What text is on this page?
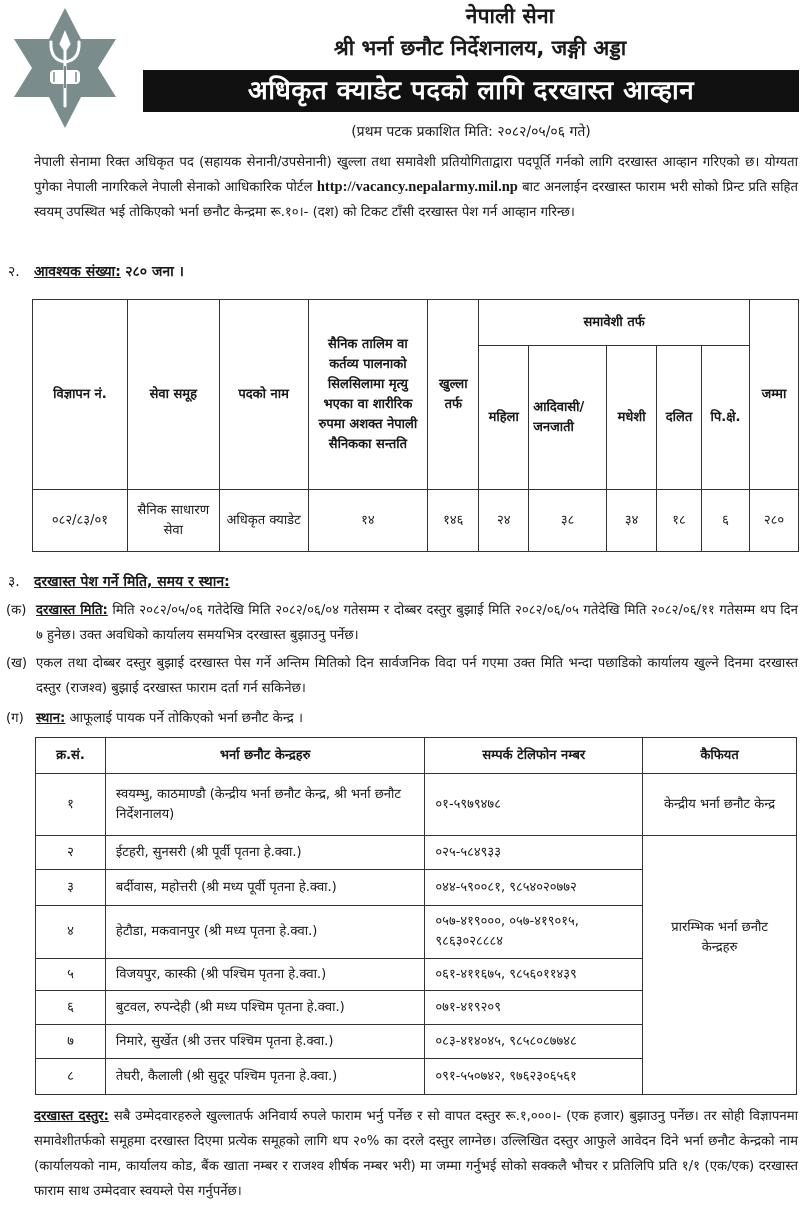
नेपाली सेना
श्री भर्ना छनौट निर्देशनालय, जङ्गी अड्डा
अधिकृत क्याडेट पदको लागि दरखास्त आव्हान
(प्रथम पटक प्रकाशित मिति: २०८२/०५/०६ गते)
नेपाली सेनामा रिक्त अधिकृत पद (सहायक सेनानी/उपसेनानी) खुल्ला तथा समावेशी प्रतियोगिताद्वारा पदपूर्ति गर्नको लागि दरखास्त आव्हान गरिएको छ। योग्यता पुगेका नेपाली नागरिकले नेपाली सेनाको आधिकारिक पोर्टल http://vacancy.nepalarmy.mil.np बाट अनलाईन दरखास्त फाराम भरी सोको प्रिन्ट प्रति सहित स्वयम् उपस्थित भई तोकिएको भर्ना छनौट केन्द्रमा रू.१०।- (दश) को टिकट टाँसी दरखास्त पेश गर्न आव्हान गरिन्छ।
२. आवश्यक संख्या: २८० जना ।
विज्ञापन नं.	सेवा समूह	पदको नाम	सैनिक तालिम वा कर्तव्य पालनाको सिलसिलामा मृत्यु भएका वा शारीरिक रुपमा अशक्त नेपाली सैनिकका सन्तति	खुल्ला तर्फ	समावेशी तर्फ					जम्मा
					महिला	आदिवासी/ जनजाती	मधेशी	दलित	पि.क्षे.	
०८२/८३/०१	सैनिक साधारण सेवा	अधिकृत क्याडेट	१४	१४६	२४	३८	३४	१८	६	२८०
३. दरखास्त पेश गर्ने मिति, समय र स्थान:
(क) दरखास्त मिति: मिति २०८२/०५/०६ गतेदेखि मिति २०८२/०६/०४ गतेसम्म र दोब्बर दस्तुर बुझाई मिति २०८२/०६/०५ गतेदेखि मिति २०८२/०६/११ गतेसम्म थप दिन ७ हुनेछ। उक्त अवधिको कार्यालय समयभित्र दरखास्त बुझाउनु पर्नेछ।
(ख) एकल तथा दोब्बर दस्तुर बुझाई दरखास्त पेस गर्ने अन्तिम मितिको दिन सार्वजनिक विदा पर्न गएमा उक्त मिति भन्दा पछाडिको कार्यालय खुल्ने दिनमा दरखास्त दस्तुर (राजश्व) बुझाई दरखास्त फाराम दर्ता गर्न सकिनेछ।
(ग) स्थान: आफूलाई पायक पर्ने तोकिएको भर्ना छनौट केन्द्र ।
क्र.सं.	भर्ना छनौट केन्द्रहरु	सम्पर्क टेलिफोन नम्बर	कैफियत
१	स्वयम्भु, काठमाण्डौ (केन्द्रीय भर्ना छनौट केन्द्र, श्री भर्ना छनौट निर्देशनालय)	०१-५९७९४७८	केन्द्रीय भर्ना छनौट केन्द्र
२	ईटहरी, सुनसरी (श्री पूर्वी पृतना हे.क्वा.)	०२५-५८४९३३	प्रारम्भिक भर्ना छनौट केन्द्रहरु
३	बर्दीवास, महोत्तरी (श्री मध्य पूर्वी पृतना हे.क्वा.)	०४४-५९००८१, ९८५४०२०७७२	
४	हेटौडा, मकवानपुर (श्री मध्य पृतना हे.क्वा.)	०५७-४१९०००, ०५७-४१९०१५, ९८६३०२८८८४	
५	विजयपुर, कास्की (श्री पश्चिम पृतना हे.क्वा.)	०६१-४११६७५, ९८५६०११४३९	
६	बुटवल, रुपन्देही (श्री मध्य पश्चिम पृतना हे.क्वा.)	०७१-४१९२०९	
७	निमारे, सुर्खेत (श्री उत्तर पश्चिम पृतना हे.क्वा.)	०८३-४१४०४५, ९८५८०८७७४८	
८	तेघरी, कैलाली (श्री सुदूर पश्चिम पृतना हे.क्वा.)	०९१-५५०७४२, ९७६२३०६५६१	
दरखास्त दस्तुर: सबै उम्मेदवारहरुले खुल्लातर्फ अनिवार्य रुपले फाराम भर्नु पर्नेछ र सो वापत दस्तुर रू.१,०००।- (एक हजार) बुझाउनु पर्नेछ। तर सोही विज्ञापनमा समावेशीतर्फको समूहमा दरखास्त दिएमा प्रत्येक समूहको लागि थप २०% का दरले दस्तुर लाग्नेछ। उल्लिखित दस्तुर आफुले आवेदन दिने भर्ना छनौट केन्द्रको नाम (कार्यालयको नाम, कार्यालय कोड, बैंक खाता नम्बर र राजश्व शीर्षक नम्बर भरी) मा जम्मा गर्नुभई सोको सक्कलै भौचर र प्रतिलिपि प्रति १/१ (एक/एक) दरखास्त फाराम साथ उम्मेदवार स्वयम्ले पेस गर्नुपर्नेछ।
